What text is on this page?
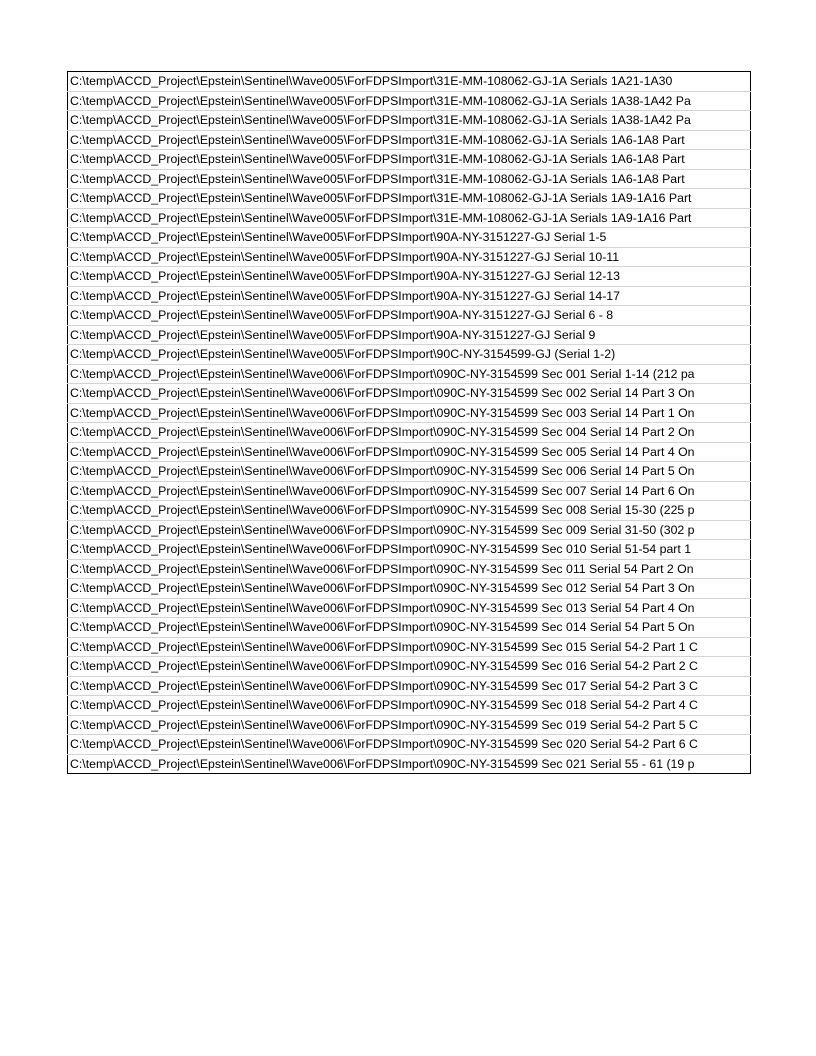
C:\temp\ACCD_Project\Epstein\Sentinel\Wave005\ForFDPSImport\31E-MM-108062-GJ-1A Serials 1A21-1A30
C:\temp\ACCD_Project\Epstein\Sentinel\Wave005\ForFDPSImport\31E-MM-108062-GJ-1A Serials 1A38-1A42 Pa
C:\temp\ACCD_Project\Epstein\Sentinel\Wave005\ForFDPSImport\31E-MM-108062-GJ-1A Serials 1A38-1A42 Pa
C:\temp\ACCD_Project\Epstein\Sentinel\Wave005\ForFDPSImport\31E-MM-108062-GJ-1A Serials 1A6-1A8 Part
C:\temp\ACCD_Project\Epstein\Sentinel\Wave005\ForFDPSImport\31E-MM-108062-GJ-1A Serials 1A6-1A8 Part
C:\temp\ACCD_Project\Epstein\Sentinel\Wave005\ForFDPSImport\31E-MM-108062-GJ-1A Serials 1A6-1A8 Part
C:\temp\ACCD_Project\Epstein\Sentinel\Wave005\ForFDPSImport\31E-MM-108062-GJ-1A Serials 1A9-1A16 Part
C:\temp\ACCD_Project\Epstein\Sentinel\Wave005\ForFDPSImport\31E-MM-108062-GJ-1A Serials 1A9-1A16 Part
C:\temp\ACCD_Project\Epstein\Sentinel\Wave005\ForFDPSImport\90A-NY-3151227-GJ Serial 1-5
C:\temp\ACCD_Project\Epstein\Sentinel\Wave005\ForFDPSImport\90A-NY-3151227-GJ Serial 10-11
C:\temp\ACCD_Project\Epstein\Sentinel\Wave005\ForFDPSImport\90A-NY-3151227-GJ Serial 12-13
C:\temp\ACCD_Project\Epstein\Sentinel\Wave005\ForFDPSImport\90A-NY-3151227-GJ Serial 14-17
C:\temp\ACCD_Project\Epstein\Sentinel\Wave005\ForFDPSImport\90A-NY-3151227-GJ Serial 6 - 8
C:\temp\ACCD_Project\Epstein\Sentinel\Wave005\ForFDPSImport\90A-NY-3151227-GJ Serial 9
C:\temp\ACCD_Project\Epstein\Sentinel\Wave005\ForFDPSImport\90C-NY-3154599-GJ (Serial 1-2)
C:\temp\ACCD_Project\Epstein\Sentinel\Wave006\ForFDPSImport\090C-NY-3154599 Sec 001 Serial 1-14 (212 pa
C:\temp\ACCD_Project\Epstein\Sentinel\Wave006\ForFDPSImport\090C-NY-3154599 Sec 002 Serial 14 Part 3 On
C:\temp\ACCD_Project\Epstein\Sentinel\Wave006\ForFDPSImport\090C-NY-3154599 Sec 003 Serial 14 Part 1 On
C:\temp\ACCD_Project\Epstein\Sentinel\Wave006\ForFDPSImport\090C-NY-3154599 Sec 004 Serial 14 Part 2 On
C:\temp\ACCD_Project\Epstein\Sentinel\Wave006\ForFDPSImport\090C-NY-3154599 Sec 005 Serial 14 Part 4 On
C:\temp\ACCD_Project\Epstein\Sentinel\Wave006\ForFDPSImport\090C-NY-3154599 Sec 006 Serial 14 Part 5 On
C:\temp\ACCD_Project\Epstein\Sentinel\Wave006\ForFDPSImport\090C-NY-3154599 Sec 007 Serial 14 Part 6 On
C:\temp\ACCD_Project\Epstein\Sentinel\Wave006\ForFDPSImport\090C-NY-3154599 Sec 008 Serial 15-30 (225 p
C:\temp\ACCD_Project\Epstein\Sentinel\Wave006\ForFDPSImport\090C-NY-3154599 Sec 009 Serial 31-50 (302 p
C:\temp\ACCD_Project\Epstein\Sentinel\Wave006\ForFDPSImport\090C-NY-3154599 Sec 010 Serial 51-54 part 1
C:\temp\ACCD_Project\Epstein\Sentinel\Wave006\ForFDPSImport\090C-NY-3154599 Sec 011 Serial 54 Part 2 On
C:\temp\ACCD_Project\Epstein\Sentinel\Wave006\ForFDPSImport\090C-NY-3154599 Sec 012 Serial 54 Part 3 On
C:\temp\ACCD_Project\Epstein\Sentinel\Wave006\ForFDPSImport\090C-NY-3154599 Sec 013 Serial 54 Part 4 On
C:\temp\ACCD_Project\Epstein\Sentinel\Wave006\ForFDPSImport\090C-NY-3154599 Sec 014 Serial 54 Part 5 On
C:\temp\ACCD_Project\Epstein\Sentinel\Wave006\ForFDPSImport\090C-NY-3154599 Sec 015 Serial 54-2 Part 1 C
C:\temp\ACCD_Project\Epstein\Sentinel\Wave006\ForFDPSImport\090C-NY-3154599 Sec 016 Serial 54-2 Part 2 C
C:\temp\ACCD_Project\Epstein\Sentinel\Wave006\ForFDPSImport\090C-NY-3154599 Sec 017 Serial 54-2 Part 3 C
C:\temp\ACCD_Project\Epstein\Sentinel\Wave006\ForFDPSImport\090C-NY-3154599 Sec 018 Serial 54-2 Part 4 C
C:\temp\ACCD_Project\Epstein\Sentinel\Wave006\ForFDPSImport\090C-NY-3154599 Sec 019 Serial 54-2 Part 5 C
C:\temp\ACCD_Project\Epstein\Sentinel\Wave006\ForFDPSImport\090C-NY-3154599 Sec 020 Serial 54-2 Part 6 C
C:\temp\ACCD_Project\Epstein\Sentinel\Wave006\ForFDPSImport\090C-NY-3154599 Sec 021 Serial 55 - 61 (19 p
